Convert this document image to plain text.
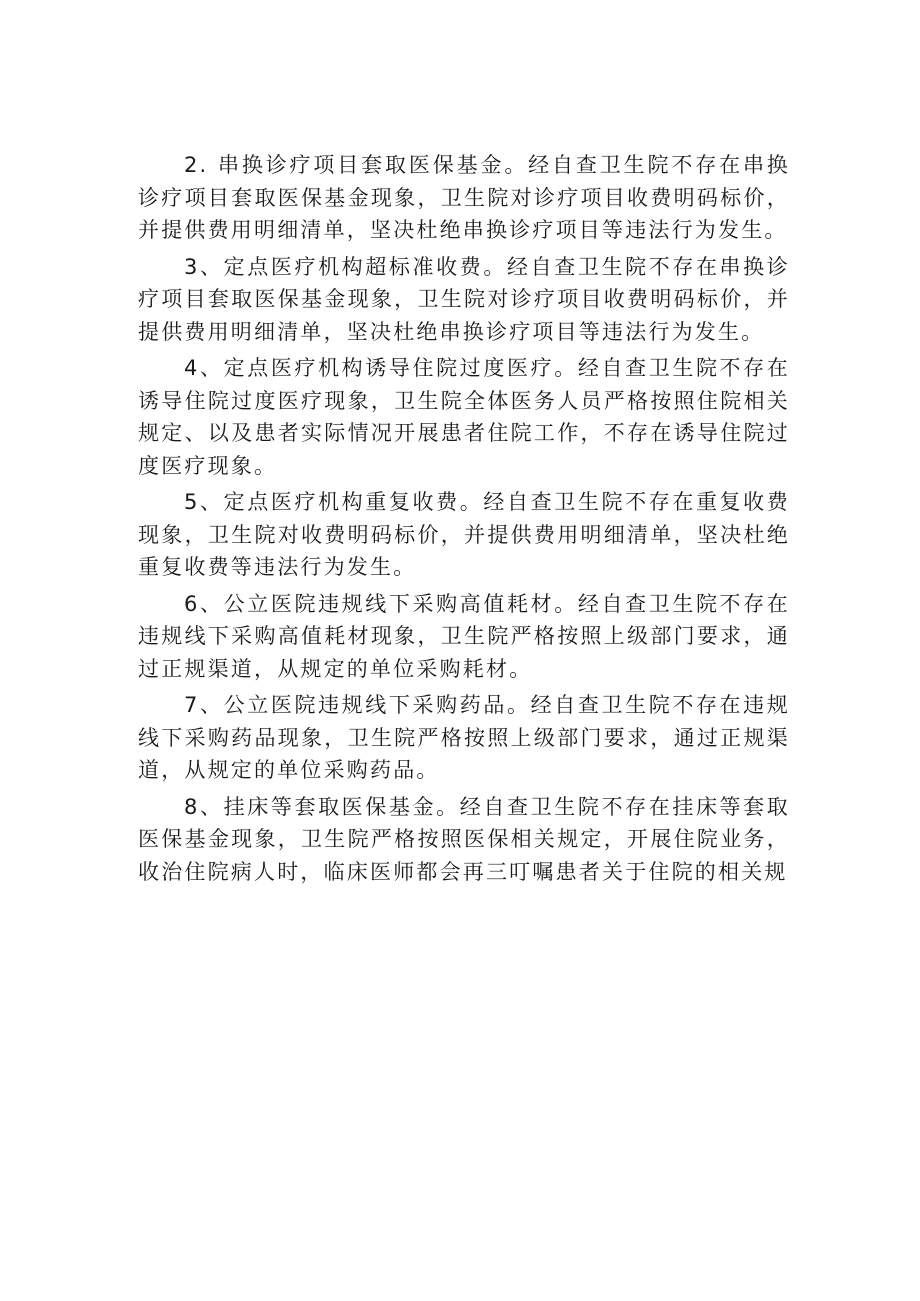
2. 串换诊疗项目套取医保基金。经自查卫生院不存在串换诊疗项目套取医保基金现象，卫生院对诊疗项目收费明码标价，并提供费用明细清单，坚决杜绝串换诊疗项目等违法行为发生。

3、定点医疗机构超标准收费。经自查卫生院不存在串换诊疗项目套取医保基金现象，卫生院对诊疗项目收费明码标价，并提供费用明细清单，坚决杜绝串换诊疗项目等违法行为发生。

4、定点医疗机构诱导住院过度医疗。经自查卫生院不存在诱导住院过度医疗现象，卫生院全体医务人员严格按照住院相关规定、以及患者实际情况开展患者住院工作，不存在诱导住院过度医疗现象。

5、定点医疗机构重复收费。经自查卫生院不存在重复收费现象，卫生院对收费明码标价，并提供费用明细清单，坚决杜绝重复收费等违法行为发生。

6、公立医院违规线下采购高值耗材。经自查卫生院不存在违规线下采购高值耗材现象，卫生院严格按照上级部门要求，通过正规渠道，从规定的单位采购耗材。

7、公立医院违规线下采购药品。经自查卫生院不存在违规线下采购药品现象，卫生院严格按照上级部门要求，通过正规渠道，从规定的单位采购药品。

8、挂床等套取医保基金。经自查卫生院不存在挂床等套取医保基金现象，卫生院严格按照医保相关规定，开展住院业务，收治住院病人时，临床医师都会再三叮嘱患者关于住院的相关规
